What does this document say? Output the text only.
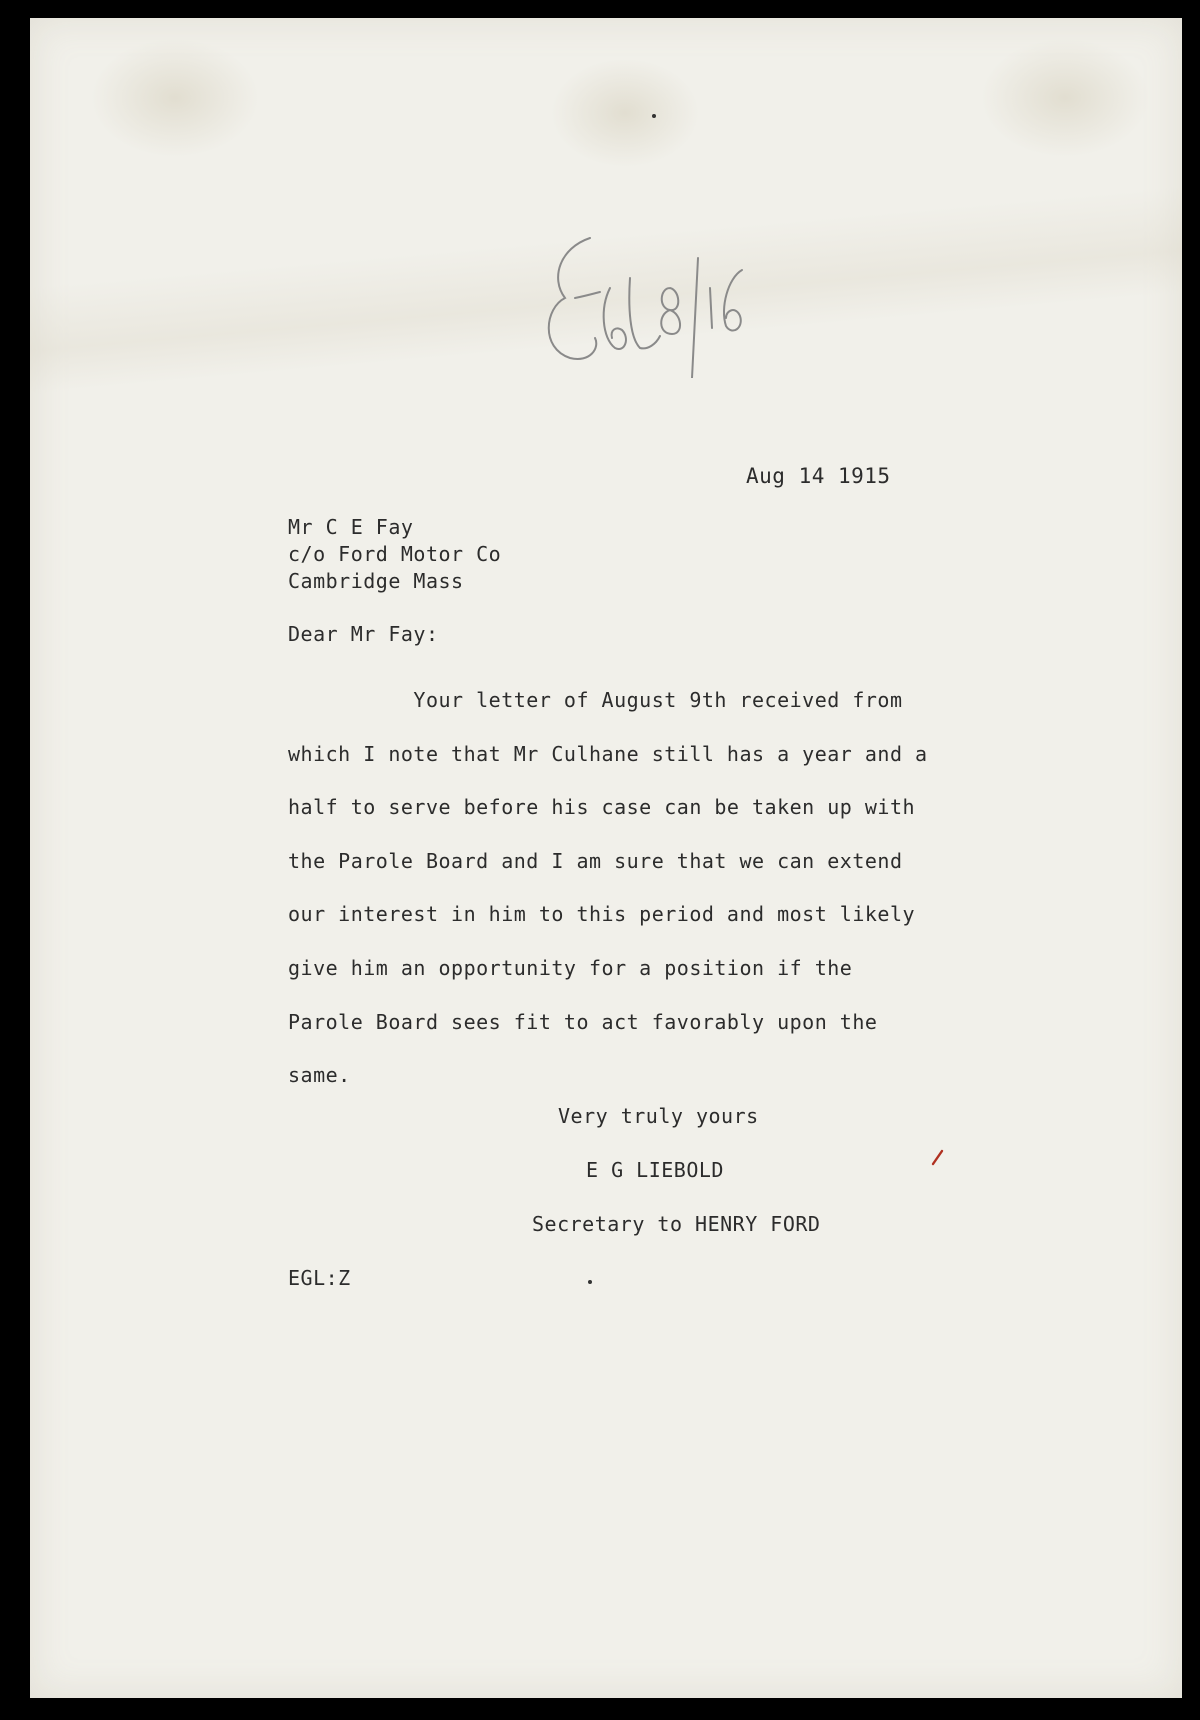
Aug 14 1915
Mr C E Fay
c/o Ford Motor Co
Cambridge Mass
Dear Mr Fay:
Your letter of August 9th received from
which I note that Mr Culhane still has a year and a
half to serve before his case can be taken up with
the Parole Board and I am sure that we can extend
our interest in him to this period and most likely
give him an opportunity for a position if the
Parole Board sees fit to act favorably upon the
same.
Very truly yours
E G LIEBOLD
Secretary to HENRY FORD
EGL:Z
